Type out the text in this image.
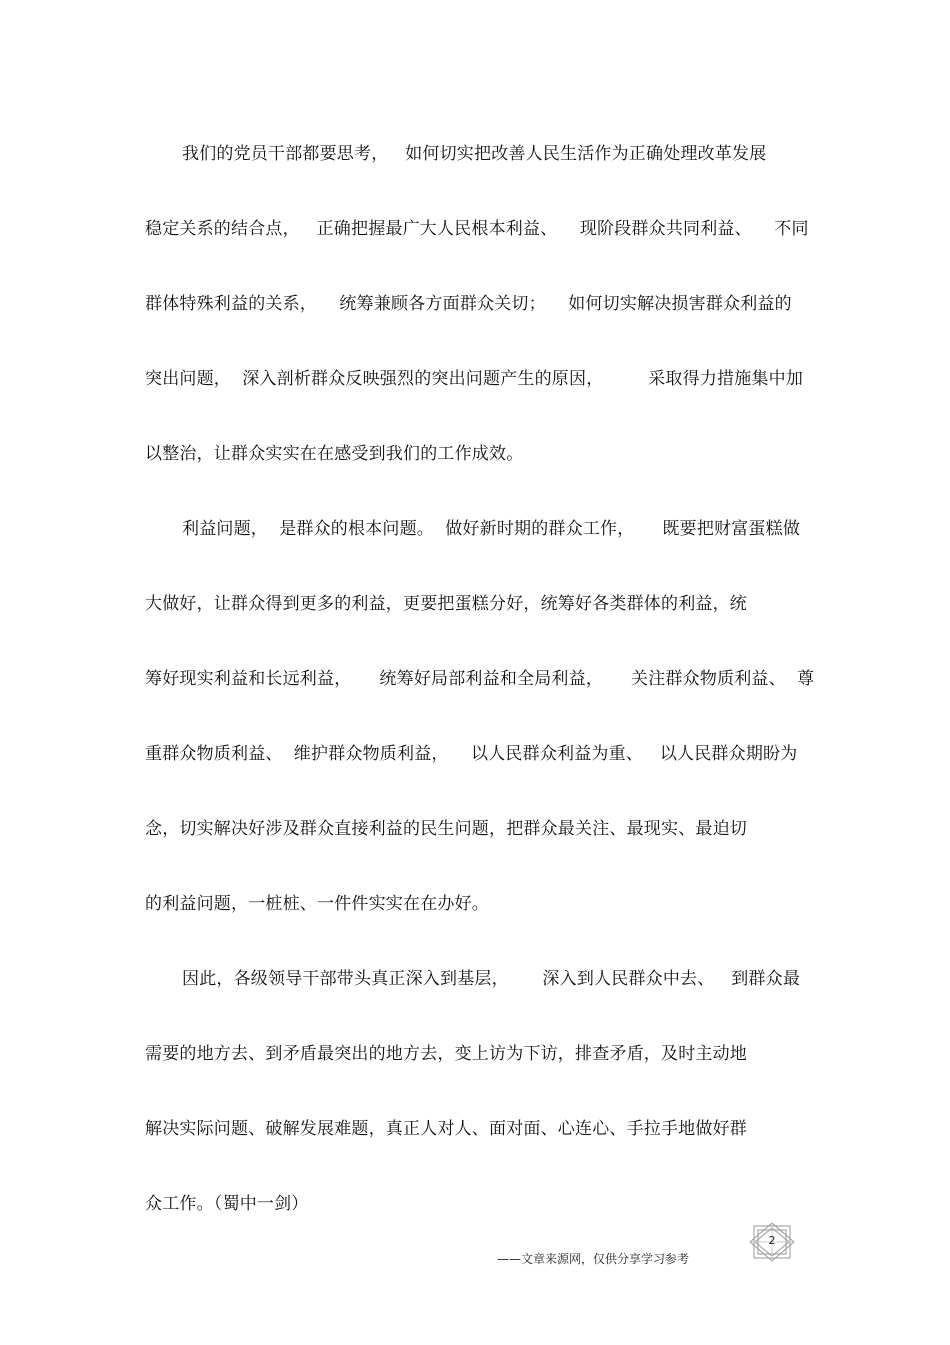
我们的党员干部都要思考，   如何切实把改善人民生活作为正确处理改革发展
稳定关系的结合点，   正确把握最广大人民根本利益、    现阶段群众共同利益、    不同
群体特殊利益的关系，    统筹兼顾各方面群众关切；    如何切实解决损害群众利益的
突出问题，  深入剖析群众反映强烈的突出问题产生的原因，        采取得力措施集中加
以整治，让群众实实在在感受到我们的工作成效。
利益问题，  是群众的根本问题。  做好新时期的群众工作，     既要把财富蛋糕做
大做好，让群众得到更多的利益，更要把蛋糕分好，统筹好各类群体的利益，统
筹好现实利益和长远利益，     统筹好局部利益和全局利益，     关注群众物质利益、  尊
重群众物质利益、  维护群众物质利益，    以人民群众利益为重、   以人民群众期盼为
念，切实解决好涉及群众直接利益的民生问题，把群众最关注、最现实、最迫切
的利益问题，一桩桩、一件件实实在在办好。
因此，各级领导干部带头真正深入到基层，      深入到人民群众中去、   到群众最
需要的地方去、到矛盾最突出的地方去，变上访为下访，排查矛盾，及时主动地
解决实际问题、破解发展难题，真正人对人、面对面、心连心、手拉手地做好群
众工作。（蜀中一剑）
——文章来源网，仅供分享学习参考
2
